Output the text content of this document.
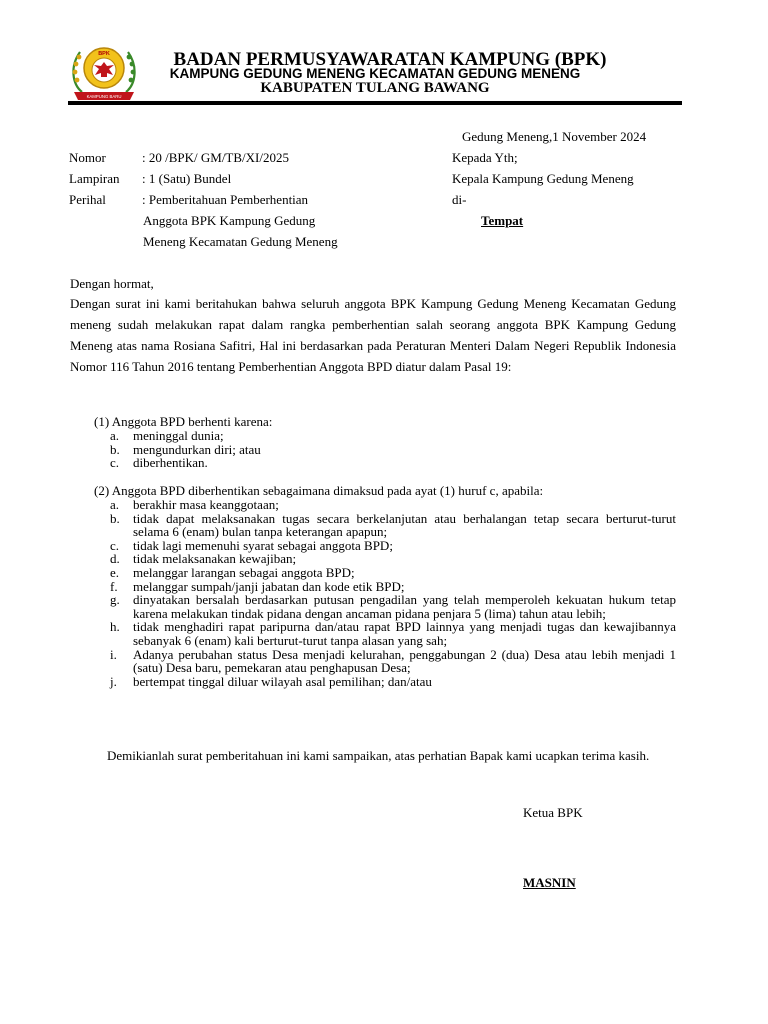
BPK
KAMPUNG BARU
BADAN PERMUSYAWARATAN KAMPUNG (BPK)
KAMPUNG GEDUNG MENENG KECAMATAN GEDUNG MENENG
KABUPATEN TULANG BAWANG
Gedung Meneng,1 November 2024
Nomor	: 20 /BPK/ GM/TB/XI/2025
Lampiran : 1 (Satu) Bundel
Perihal	: Pemberitahuan Pemberhentian
Anggota BPK Kampung Gedung
Meneng Kecamatan Gedung Meneng
Kepada Yth;
Kepala Kampung Gedung Meneng
di-
Tempat
Dengan hormat,
Dengan surat ini kami beritahukan bahwa seluruh anggota BPK Kampung Gedung Meneng Kecamatan Gedung meneng sudah melakukan rapat dalam rangka pemberhentian salah seorang anggota BPK Kampung Gedung Meneng atas nama Rosiana Safitri, Hal ini berdasarkan pada Peraturan Menteri Dalam Negeri Republik Indonesia Nomor 116 Tahun 2016 tentang Pemberhentian Anggota BPD diatur dalam Pasal 19:
(1) Anggota BPD berhenti karena:
a. meninggal dunia;
b. mengundurkan diri; atau
c. diberhentikan.
(2) Anggota BPD diberhentikan sebagaimana dimaksud pada ayat (1) huruf c, apabila:
a. berakhir masa keanggotaan;
b. tidak dapat melaksanakan tugas secara berkelanjutan atau berhalangan tetap secara berturut-turut selama 6 (enam) bulan tanpa keterangan apapun;
c. tidak lagi memenuhi syarat sebagai anggota BPD;
d. tidak melaksanakan kewajiban;
e. melanggar larangan sebagai anggota BPD;
f. melanggar sumpah/janji jabatan dan kode etik BPD;
g. dinyatakan bersalah berdasarkan putusan pengadilan yang telah memperoleh kekuatan hukum tetap karena melakukan tindak pidana dengan ancaman pidana penjara 5 (lima) tahun atau lebih;
h. tidak menghadiri rapat paripurna dan/atau rapat BPD lainnya yang menjadi tugas dan kewajibannya sebanyak 6 (enam) kali berturut-turut tanpa alasan yang sah;
i. Adanya perubahan status Desa menjadi kelurahan, penggabungan 2 (dua) Desa atau lebih menjadi 1 (satu) Desa baru, pemekaran atau penghapusan Desa;
j. bertempat tinggal diluar wilayah asal pemilihan; dan/atau
Demikianlah surat pemberitahuan ini kami sampaikan, atas perhatian Bapak kami ucapkan terima kasih.
Ketua BPK
MASNIN
